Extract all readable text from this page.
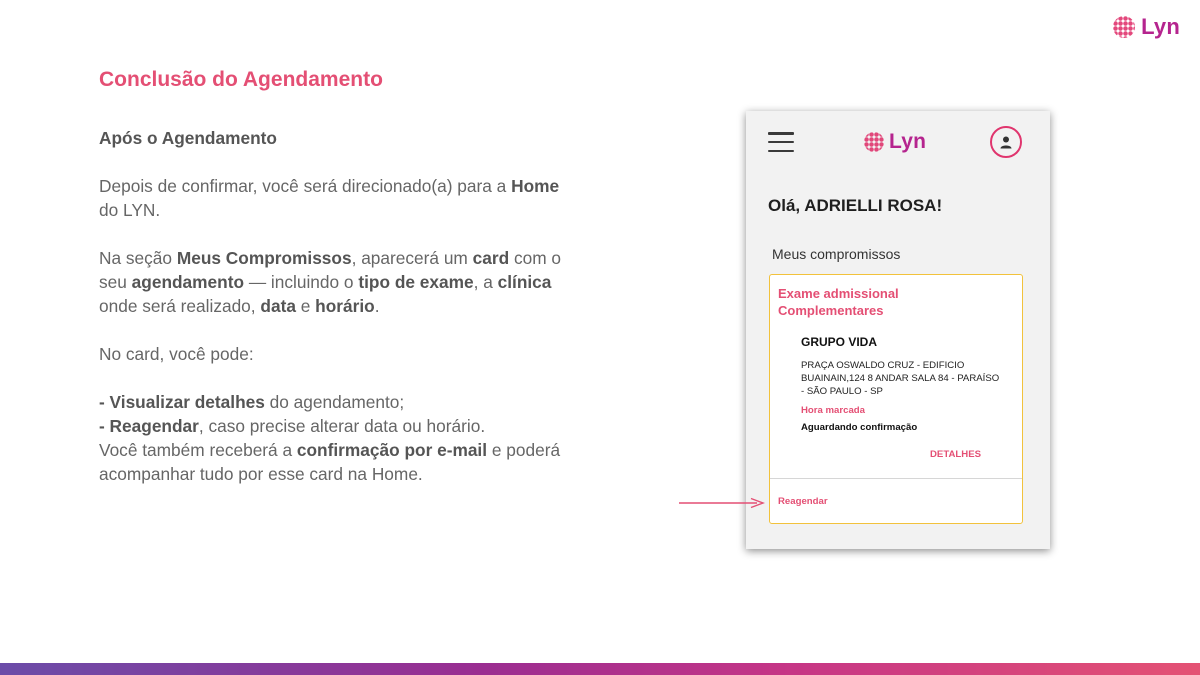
Lyn
Conclusão do Agendamento

Após o Agendamento

Depois de confirmar, você será direcionado(a) para a Home do LYN.

Na seção Meus Compromissos, aparecerá um card com o seu agendamento — incluindo o tipo de exame, a clínica onde será realizado, data e horário.

No card, você pode:

- Visualizar detalhes do agendamento;
- Reagendar, caso precise alterar data ou horário.
Você também receberá a confirmação por e-mail e poderá acompanhar tudo por esse card na Home.

Lyn
Olá, ADRIELLI ROSA!
Meus compromissos
Exame admissional Complementares
GRUPO VIDA
PRAÇA OSWALDO CRUZ - EDIFICIO BUAINAIN,124 8 ANDAR SALA 84 - PARAÍSO - SÃO PAULO - SP
Hora marcada
Aguardando confirmação
DETALHES
Reagendar
